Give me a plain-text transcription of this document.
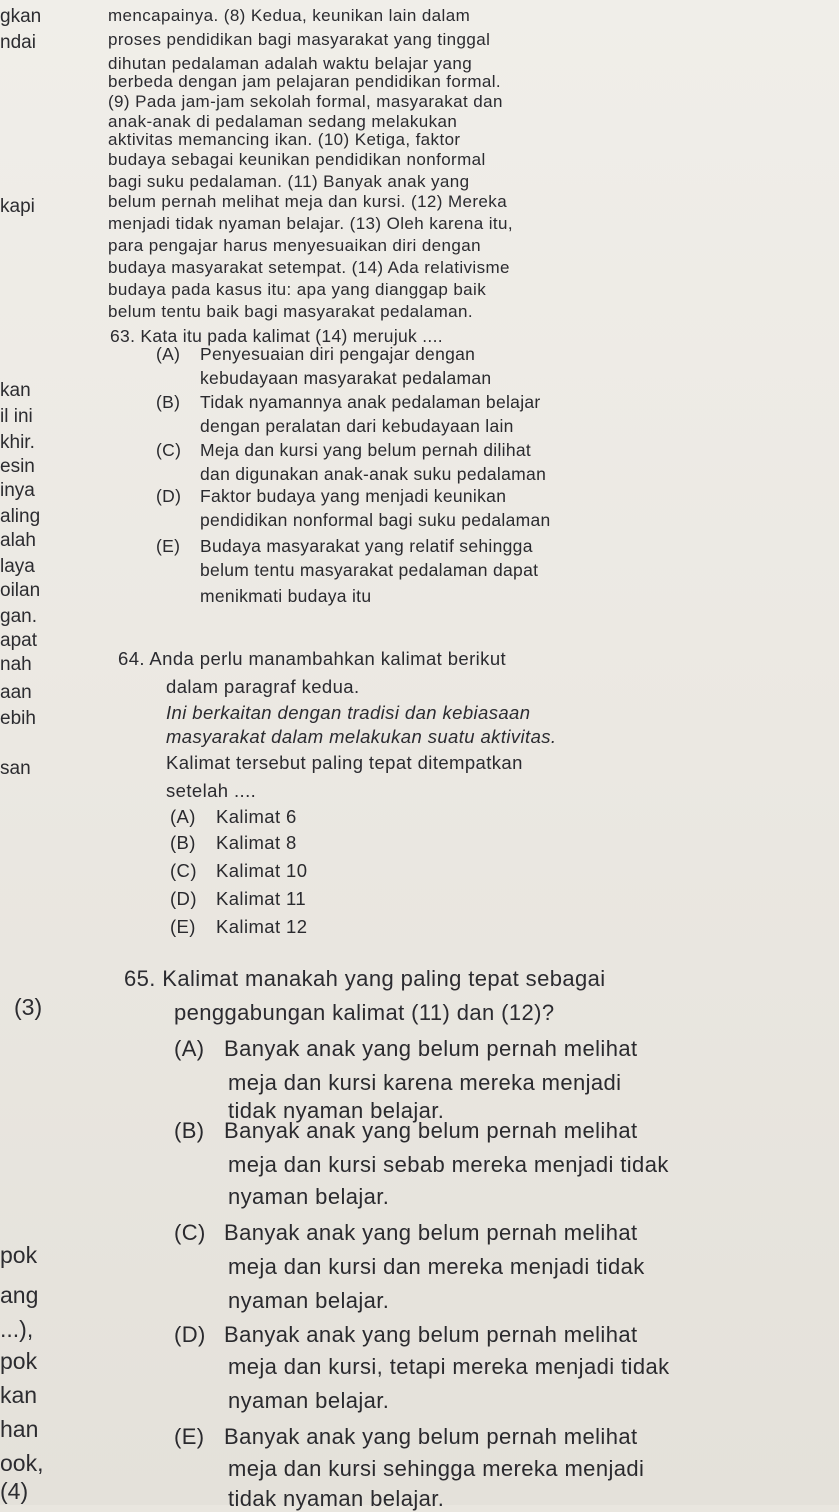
gkan
ndai
kapi
kan
il ini
khir.
esin
inya
aling
alah
laya
oilan
gan.
apat
nah
aan
ebih
san
pok
ang
...),
pok
kan
han
ook,
(4)
(3)
mencapainya. (8) Kedua, keunikan lain dalam
proses pendidikan bagi masyarakat yang tinggal
dihutan pedalaman adalah waktu belajar yang
berbeda dengan jam pelajaran pendidikan formal.
(9) Pada jam-jam sekolah formal, masyarakat dan
anak-anak di pedalaman sedang melakukan
aktivitas memancing ikan. (10) Ketiga, faktor
budaya sebagai keunikan pendidikan nonformal
bagi suku pedalaman. (11) Banyak anak yang
belum pernah melihat meja dan kursi. (12) Mereka
menjadi tidak nyaman belajar. (13) Oleh karena itu,
para pengajar harus menyesuaikan diri dengan
budaya masyarakat setempat. (14) Ada relativisme
budaya pada kasus itu: apa yang dianggap baik
belum tentu baik bagi masyarakat pedalaman.
63. Kata itu pada kalimat (14) merujuk ....
(A) Penyesuaian diri pengajar dengan
kebudayaan masyarakat pedalaman
(B) Tidak nyamannya anak pedalaman belajar
dengan peralatan dari kebudayaan lain
(C) Meja dan kursi yang belum pernah dilihat
dan digunakan anak-anak suku pedalaman
(D) Faktor budaya yang menjadi keunikan
pendidikan nonformal bagi suku pedalaman
(E) Budaya masyarakat yang relatif sehingga
belum tentu masyarakat pedalaman dapat
menikmati budaya itu
64. Anda perlu manambahkan kalimat berikut
dalam paragraf kedua.
Ini berkaitan dengan tradisi dan kebiasaan
masyarakat dalam melakukan suatu aktivitas.
Kalimat tersebut paling tepat ditempatkan
setelah ....
(A) Kalimat 6
(B) Kalimat 8
(C) Kalimat 10
(D) Kalimat 11
(E) Kalimat 12
65. Kalimat manakah yang paling tepat sebagai
penggabungan kalimat (11) dan (12)?
(A) Banyak anak yang belum pernah melihat
meja dan kursi karena mereka menjadi
tidak nyaman belajar.
(B) Banyak anak yang belum pernah melihat
meja dan kursi sebab mereka menjadi tidak
nyaman belajar.
(C) Banyak anak yang belum pernah melihat
meja dan kursi dan mereka menjadi tidak
nyaman belajar.
(D) Banyak anak yang belum pernah melihat
meja dan kursi, tetapi mereka menjadi tidak
nyaman belajar.
(E) Banyak anak yang belum pernah melihat
meja dan kursi sehingga mereka menjadi
tidak nyaman belajar.
